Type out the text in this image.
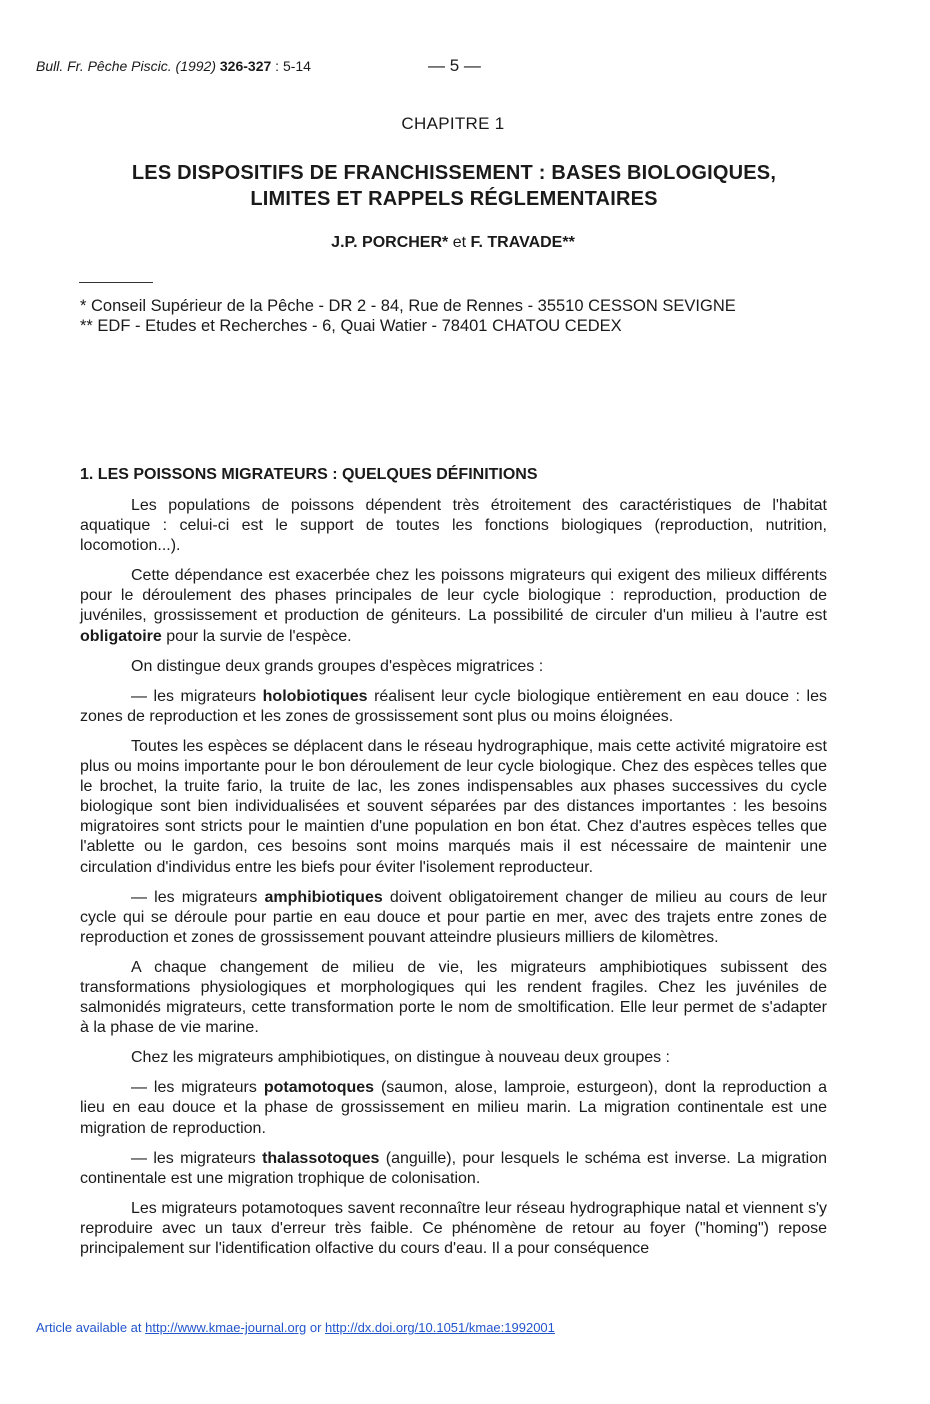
Bull. Fr. Pêche Piscic. (1992) 326-327 : 5-14	— 5 —
CHAPITRE 1
LES DISPOSITIFS DE FRANCHISSEMENT : BASES BIOLOGIQUES,
LIMITES ET RAPPELS RÉGLEMENTAIRES
J.P. PORCHER* et F. TRAVADE**
* Conseil Supérieur de la Pêche - DR 2 - 84, Rue de Rennes - 35510 CESSON SEVIGNE
** EDF - Etudes et Recherches - 6, Quai Watier - 78401 CHATOU CEDEX
1. LES POISSONS MIGRATEURS : QUELQUES DÉFINITIONS

Les populations de poissons dépendent très étroitement des caractéristiques de l'habitat aquatique : celui-ci est le support de toutes les fonctions biologiques (reproduction, nutrition, locomotion...).

Cette dépendance est exacerbée chez les poissons migrateurs qui exigent des milieux différents pour le déroulement des phases principales de leur cycle biologique : reproduction, production de juvéniles, grossissement et production de géniteurs. La possibilité de circuler d'un milieu à l'autre est obligatoire pour la survie de l'espèce.

On distingue deux grands groupes d'espèces migratrices :

— les migrateurs holobiotiques réalisent leur cycle biologique entièrement en eau douce : les zones de reproduction et les zones de grossissement sont plus ou moins éloignées.

Toutes les espèces se déplacent dans le réseau hydrographique, mais cette activité migratoire est plus ou moins importante pour le bon déroulement de leur cycle biologique. Chez des espèces telles que le brochet, la truite fario, la truite de lac, les zones indispensables aux phases successives du cycle biologique sont bien individualisées et souvent séparées par des distances importantes : les besoins migratoires sont stricts pour le maintien d'une population en bon état. Chez d'autres espèces telles que l'ablette ou le gardon, ces besoins sont moins marqués mais il est nécessaire de maintenir une circulation d'individus entre les biefs pour éviter l'isolement reproducteur.

— les migrateurs amphibiotiques doivent obligatoirement changer de milieu au cours de leur cycle qui se déroule pour partie en eau douce et pour partie en mer, avec des trajets entre zones de reproduction et zones de grossissement pouvant atteindre plusieurs milliers de kilomètres.

A chaque changement de milieu de vie, les migrateurs amphibiotiques subissent des transformations physiologiques et morphologiques qui les rendent fragiles. Chez les juvéniles de salmonidés migrateurs, cette transformation porte le nom de smoltification. Elle leur permet de s'adapter à la phase de vie marine.

Chez les migrateurs amphibiotiques, on distingue à nouveau deux groupes :

— les migrateurs potamotoques (saumon, alose, lamproie, esturgeon), dont la reproduction a lieu en eau douce et la phase de grossissement en milieu marin. La migration continentale est une migration de reproduction.

— les migrateurs thalassotoques (anguille), pour lesquels le schéma est inverse. La migration continentale est une migration trophique de colonisation.

Les migrateurs potamotoques savent reconnaître leur réseau hydrographique natal et viennent s'y reproduire avec un taux d'erreur très faible. Ce phénomène de retour au foyer ("homing") repose principalement sur l'identification olfactive du cours d'eau. Il a pour conséquence

Article available at http://www.kmae-journal.org or http://dx.doi.org/10.1051/kmae:1992001
